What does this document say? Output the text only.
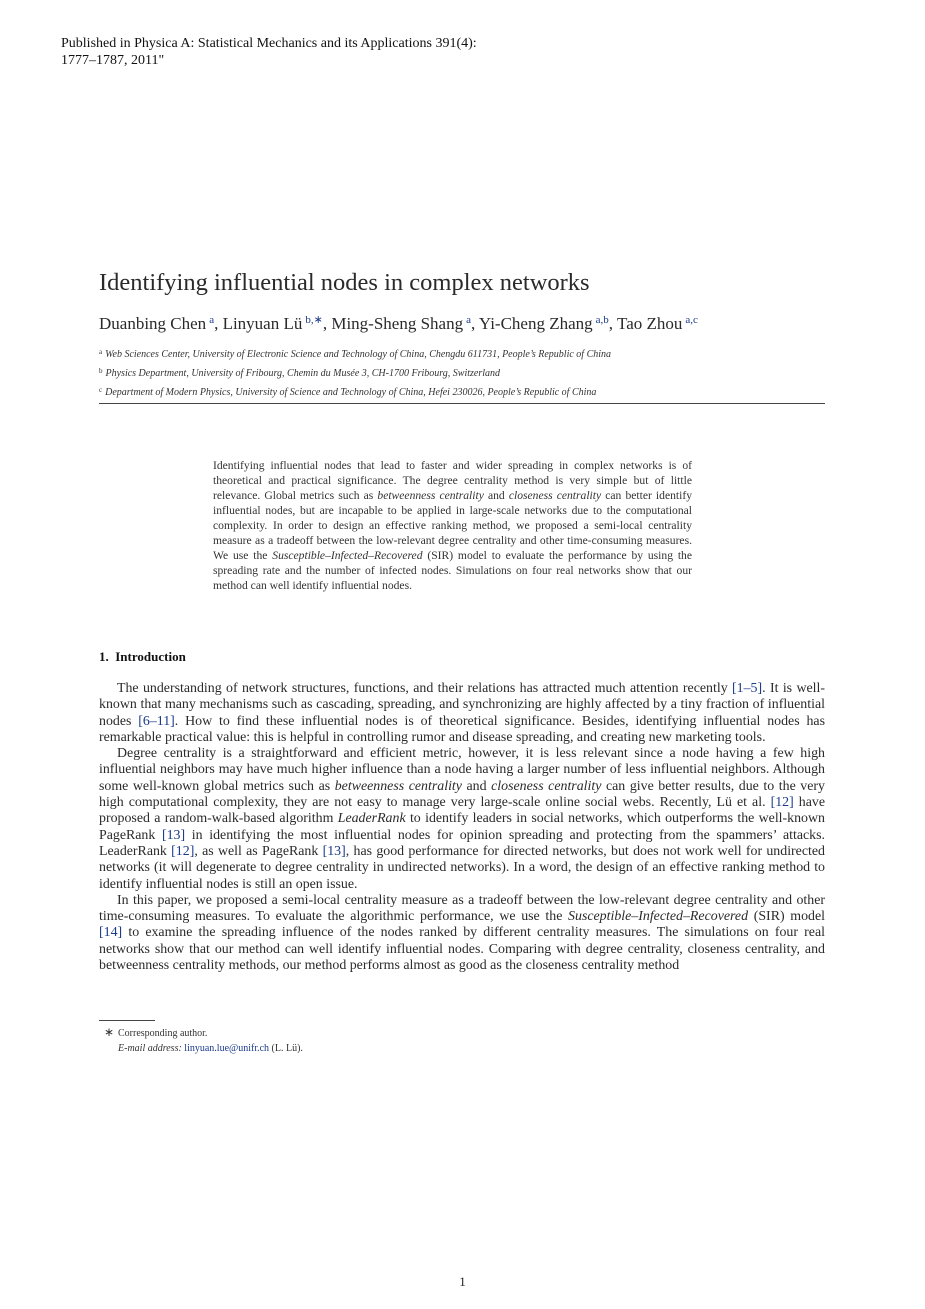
Published in Physica A: Statistical Mechanics and its Applications 391(4):
1777–1787, 2011"
Identifying influential nodes in complex networks
Duanbing Chen $^a$, Linyuan Lü $^{b,∗}$, Ming-Sheng Shang $^a$, Yi-Cheng Zhang $^{a,b}$, Tao Zhou $^{a,c}$
$^a$ Web Sciences Center, University of Electronic Science and Technology of China, Chengdu 611731, People’s Republic of China
$^b$ Physics Department, University of Fribourg, Chemin du Musée 3, CH-1700 Fribourg, Switzerland
$^c$ Department of Modern Physics, University of Science and Technology of China, Hefei 230026, People’s Republic of China
Identifying influential nodes that lead to faster and wider spreading in complex networks is of theoretical and practical significance. The degree centrality method is very simple but of little relevance. Global metrics such as betweenness centrality and closeness centrality can better identify influential nodes, but are incapable to be applied in large-scale networks due to the computational complexity. In order to design an effective ranking method, we proposed a semi-local centrality measure as a tradeoff between the low-relevant degree centrality and other time-consuming measures. We use the Susceptible–Infected–Recovered (SIR) model to evaluate the performance by using the spreading rate and the number of infected nodes. Simulations on four real networks show that our method can well identify influential nodes.
1. Introduction

The understanding of network structures, functions, and their relations has attracted much attention recently [1–5]. It is well-known that many mechanisms such as cascading, spreading, and synchronizing are highly affected by a tiny fraction of influential nodes [6–11]. How to find these influential nodes is of theoretical significance. Besides, identifying influential nodes has remarkable practical value: this is helpful in controlling rumor and disease spreading, and creating new marketing tools.

Degree centrality is a straightforward and efficient metric, however, it is less relevant since a node having a few high influential neighbors may have much higher influence than a node having a larger number of less influential neighbors. Although some well-known global metrics such as betweenness centrality and closeness centrality can give better results, due to the very high computational complexity, they are not easy to manage very large-scale online social webs. Recently, Lü et al. [12] have proposed a random-walk-based algorithm LeaderRank to identify leaders in social networks, which outperforms the well-known PageRank [13] in identifying the most influential nodes for opinion spreading and protecting from the spammers’ attacks. LeaderRank [12], as well as PageRank [13], has good performance for directed networks, but does not work well for undirected networks (it will degenerate to degree centrality in undirected networks). In a word, the design of an effective ranking method to identify influential nodes is still an open issue.

In this paper, we proposed a semi-local centrality measure as a tradeoff between the low-relevant degree centrality and other time-consuming measures. To evaluate the algorithmic performance, we use the Susceptible–Infected–Recovered (SIR) model [14] to examine the spreading influence of the nodes ranked by different centrality measures. The simulations on four real networks show that our method can well identify influential nodes. Comparing with degree centrality, closeness centrality, and betweenness centrality methods, our method performs almost as good as the closeness centrality method

∗ Corresponding author.
E-mail address: linyuan.lue@unifr.ch (L. Lü).
1
